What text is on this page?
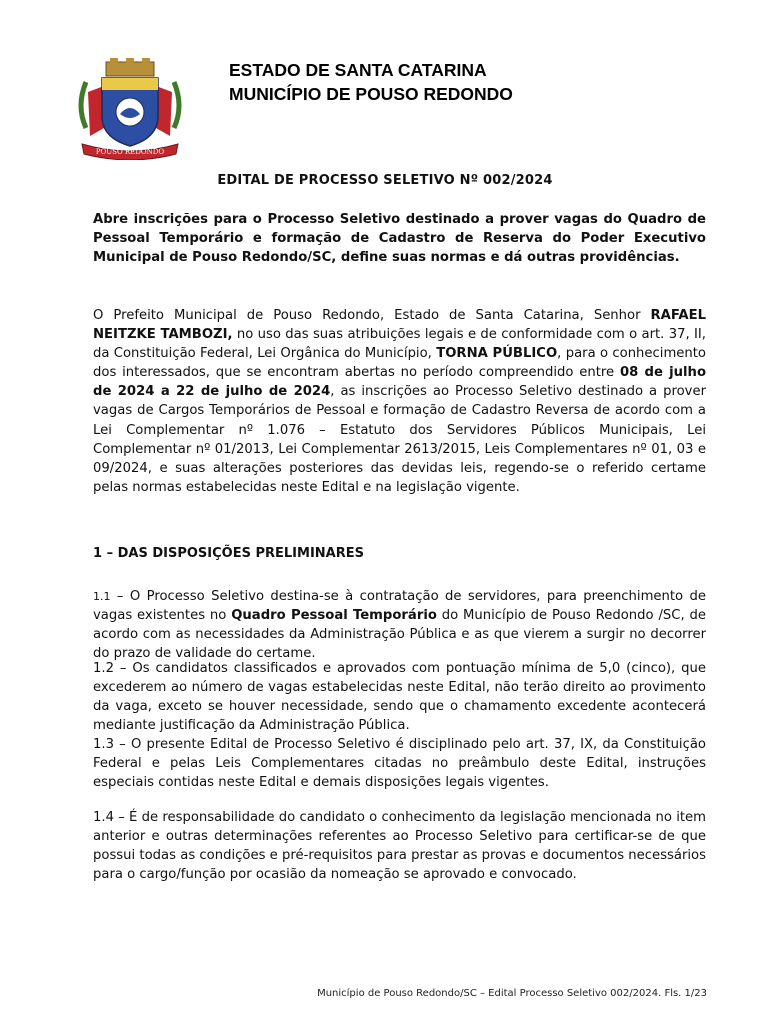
POUSO REDONDO
ESTADO DE SANTA CATARINA
MUNICÍPIO DE POUSO REDONDO
EDITAL DE PROCESSO SELETIVO Nº 002/2024
Abre inscrições para o Processo Seletivo destinado a prover vagas do Quadro de Pessoal Temporário e formação de Cadastro de Reserva do Poder Executivo Municipal de Pouso Redondo/SC, define suas normas e dá outras providências.
O Prefeito Municipal de Pouso Redondo, Estado de Santa Catarina, Senhor RAFAEL NEITZKE TAMBOZI, no uso das suas atribuições legais e de conformidade com o art. 37, II, da Constituição Federal, Lei Orgânica do Município, TORNA PÚBLICO, para o conhecimento dos interessados, que se encontram abertas no período compreendido entre 08 de julho de 2024 a 22 de julho de 2024, as inscrições ao Processo Seletivo destinado a prover vagas de Cargos Temporários de Pessoal e formação de Cadastro Reversa de acordo com a Lei Complementar nº 1.076 – Estatuto dos Servidores Públicos Municipais, Lei Complementar nº 01/2013, Lei Complementar 2613/2015, Leis Complementares nº 01, 03 e 09/2024, e suas alterações posteriores das devidas leis, regendo-se o referido certame pelas normas estabelecidas neste Edital e na legislação vigente.
1 – DAS DISPOSIÇÕES PRELIMINARES
1.1 – O Processo Seletivo destina-se à contratação de servidores, para preenchimento de vagas existentes no Quadro Pessoal Temporário do Município de Pouso Redondo /SC, de acordo com as necessidades da Administração Pública e as que vierem a surgir no decorrer do prazo de validade do certame.
1.2 – Os candidatos classificados e aprovados com pontuação mínima de 5,0 (cinco), que excederem ao número de vagas estabelecidas neste Edital, não terão direito ao provimento da vaga, exceto se houver necessidade, sendo que o chamamento excedente acontecerá mediante justificação da Administração Pública.
1.3 – O presente Edital de Processo Seletivo é disciplinado pelo art. 37, IX, da Constituição Federal e pelas Leis Complementares citadas no preâmbulo deste Edital, instruções especiais contidas neste Edital e demais disposições legais vigentes.
1.4 – É de responsabilidade do candidato o conhecimento da legislação mencionada no item anterior e outras determinações referentes ao Processo Seletivo para certificar-se de que possui todas as condições e pré-requisitos para prestar as provas e documentos necessários para o cargo/função por ocasião da nomeação se aprovado e convocado.
Município de Pouso Redondo/SC – Edital Processo Seletivo 002/2024. Fls. 1/23
